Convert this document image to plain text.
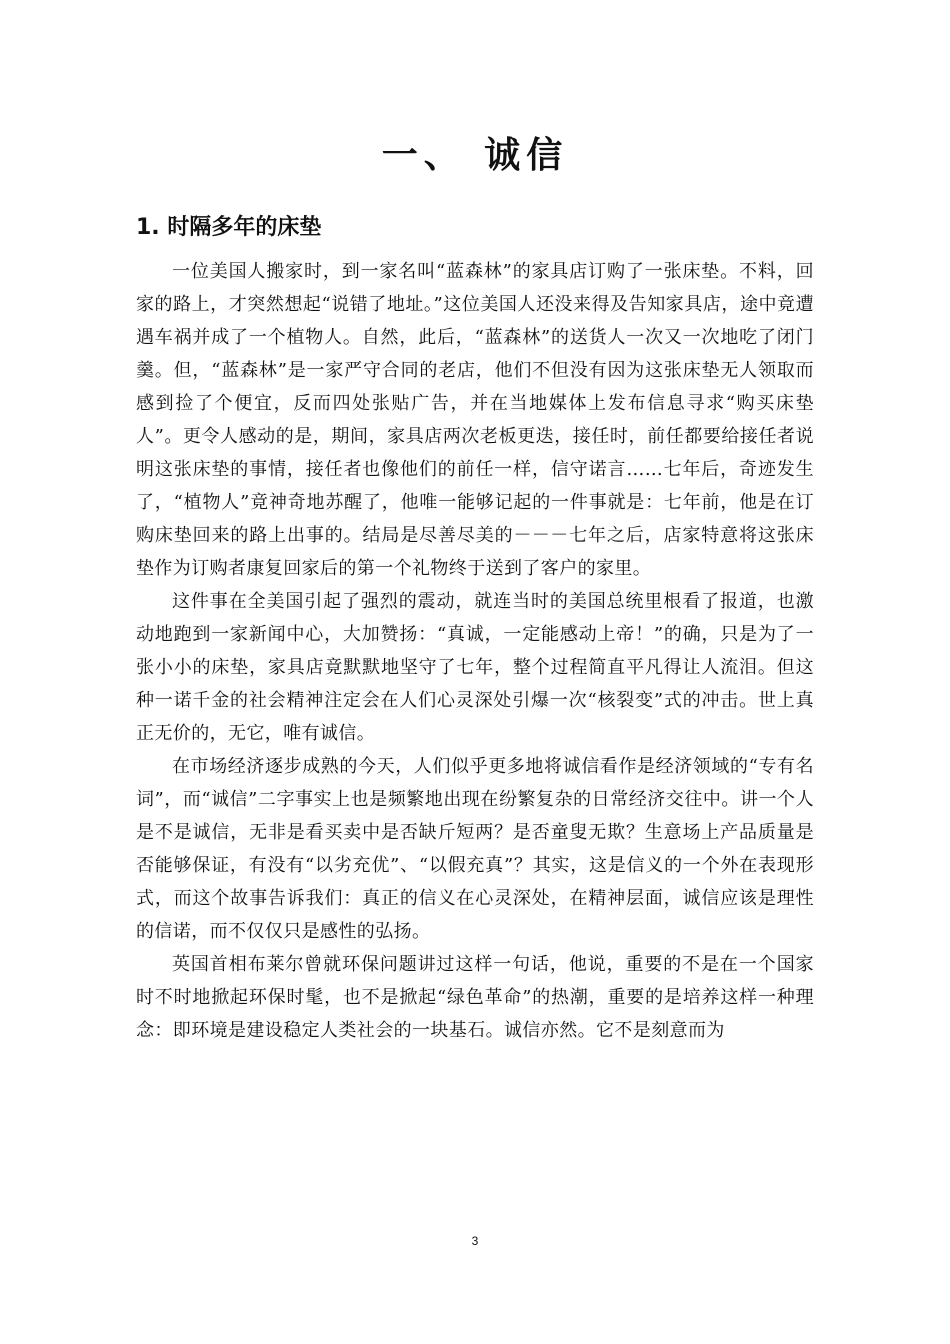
一、 诚信
1. 时隔多年的床垫

一位美国人搬家时，到一家名叫“蓝森林”的家具店订购了一张床垫。不料，回家的路上，才突然想起“说错了地址。”这位美国人还没来得及告知家具店，途中竟遭遇车祸并成了一个植物人。自然，此后，“蓝森林”的送货人一次又一次地吃了闭门羹。但，“蓝森林”是一家严守合同的老店，他们不但没有因为这张床垫无人领取而感到捡了个便宜，反而四处张贴广告，并在当地媒体上发布信息寻求“购买床垫人”。更令人感动的是，期间，家具店两次老板更迭，接任时，前任都要给接任者说明这张床垫的事情，接任者也像他们的前任一样，信守诺言……七年后，奇迹发生了，“植物人”竟神奇地苏醒了，他唯一能够记起的一件事就是：七年前，他是在订购床垫回来的路上出事的。结局是尽善尽美的－－－七年之后，店家特意将这张床垫作为订购者康复回家后的第一个礼物终于送到了客户的家里。

这件事在全美国引起了强烈的震动，就连当时的美国总统里根看了报道，也激动地跑到一家新闻中心，大加赞扬：“真诚，一定能感动上帝！”的确，只是为了一张小小的床垫，家具店竟默默地坚守了七年，整个过程简直平凡得让人流泪。但这种一诺千金的社会精神注定会在人们心灵深处引爆一次“核裂变”式的冲击。世上真正无价的，无它，唯有诚信。

在市场经济逐步成熟的今天，人们似乎更多地将诚信看作是经济领域的“专有名词”，而“诚信”二字事实上也是频繁地出现在纷繁复杂的日常经济交往中。讲一个人是不是诚信，无非是看买卖中是否缺斤短两？是否童叟无欺？生意场上产品质量是否能够保证，有没有“以劣充优”、“以假充真”？其实，这是信义的一个外在表现形式，而这个故事告诉我们：真正的信义在心灵深处，在精神层面，诚信应该是理性的信诺，而不仅仅只是感性的弘扬。

英国首相布莱尔曾就环保问题讲过这样一句话，他说，重要的不是在一个国家时不时地掀起环保时髦，也不是掀起“绿色革命”的热潮，重要的是培养这样一种理念：即环境是建设稳定人类社会的一块基石。诚信亦然。它不是刻意而为

3
